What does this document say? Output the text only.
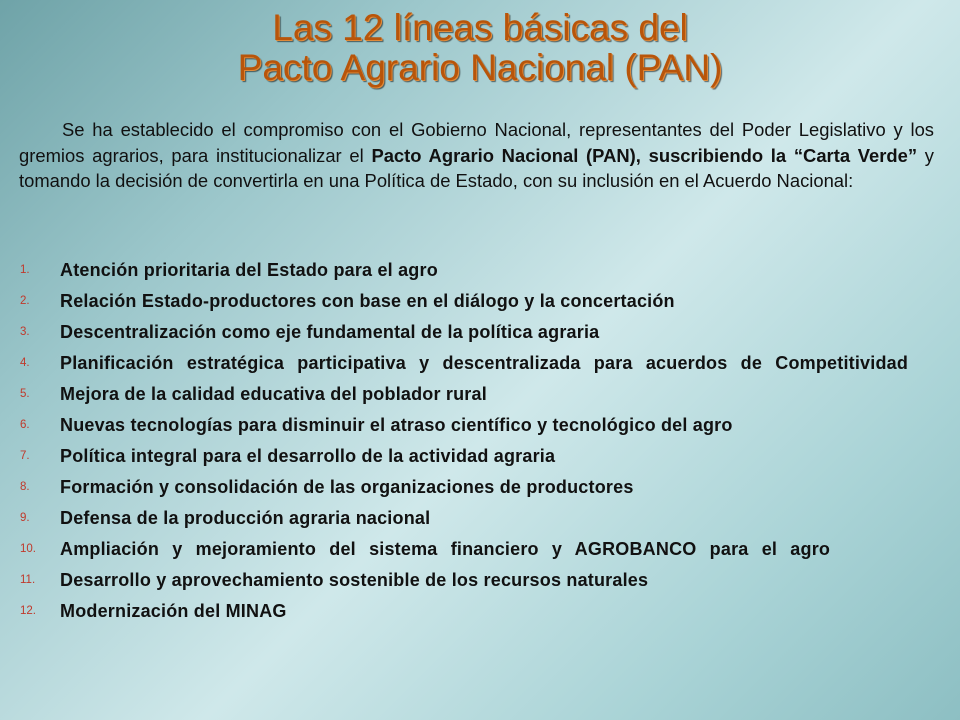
Las 12 líneas básicas del
Pacto Agrario Nacional (PAN)

Se ha establecido el compromiso con el Gobierno Nacional, representantes del Poder Legislativo y los gremios agrarios, para institucionalizar el Pacto Agrario Nacional (PAN), suscribiendo la “Carta Verde” y tomando la decisión de convertirla en una Política de Estado, con su inclusión en el Acuerdo Nacional:

1.	Atención prioritaria del Estado para el agro
2.	Relación Estado-productores con base en el diálogo y la concertación
3.	Descentralización como eje fundamental de la política agraria
4.	Planificación estratégica participativa y descentralizada para acuerdos de Competitividad
5.	Mejora de la calidad educativa del poblador rural
6.	Nuevas tecnologías para disminuir el atraso científico y tecnológico del agro
7.	Política integral para el desarrollo de la actividad agraria
8.	Formación y consolidación de las organizaciones de productores
9.	Defensa de la producción agraria nacional
10.	Ampliación y mejoramiento del sistema financiero y AGROBANCO para el agro
11.	Desarrollo y aprovechamiento sostenible de los recursos naturales
12.	Modernización del MINAG
